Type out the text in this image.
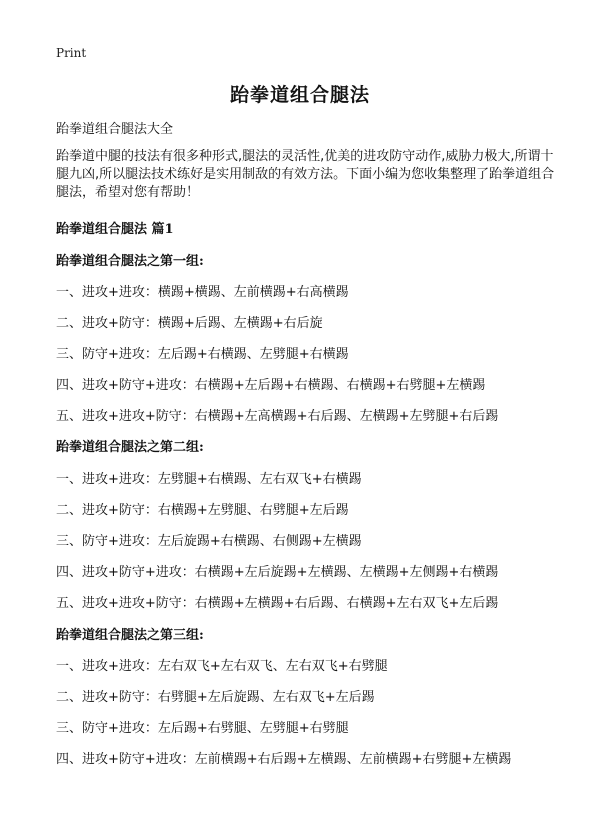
Print
跆拳道组合腿法
跆拳道组合腿法大全
跆拳道中腿的技法有很多种形式,腿法的灵活性,优美的进攻防守动作,威胁力极大,所谓十腿九凶,所以腿法技术练好是实用制敌的有效方法。下面小编为您收集整理了跆拳道组合腿法，希望对您有帮助！
跆拳道组合腿法 篇1
跆拳道组合腿法之第一组:
一、进攻+进攻：横踢+横踢、左前横踢+右高横踢
二、进攻+防守：横踢+后踢、左横踢+右后旋
三、防守+进攻：左后踢+右横踢、左劈腿+右横踢
四、进攻+防守+进攻：右横踢+左后踢+右横踢、右横踢+右劈腿+左横踢
五、进攻+进攻+防守：右横踢+左高横踢+右后踢、左横踢+左劈腿+右后踢
跆拳道组合腿法之第二组:
一、进攻+进攻：左劈腿+右横踢、左右双飞+右横踢
二、进攻+防守：右横踢+左劈腿、右劈腿+左后踢
三、防守+进攻：左后旋踢+右横踢、右侧踢+左横踢
四、进攻+防守+进攻：右横踢+左后旋踢+左横踢、左横踢+左侧踢+右横踢
五、进攻+进攻+防守：右横踢+左横踢+右后踢、右横踢+左右双飞+左后踢
跆拳道组合腿法之第三组:
一、进攻+进攻：左右双飞+左右双飞、左右双飞+右劈腿
二、进攻+防守：右劈腿+左后旋踢、左右双飞+左后踢
三、防守+进攻：左后踢+右劈腿、左劈腿+右劈腿
四、进攻+防守+进攻：左前横踢+右后踢+左横踢、左前横踢+右劈腿+左横踢
